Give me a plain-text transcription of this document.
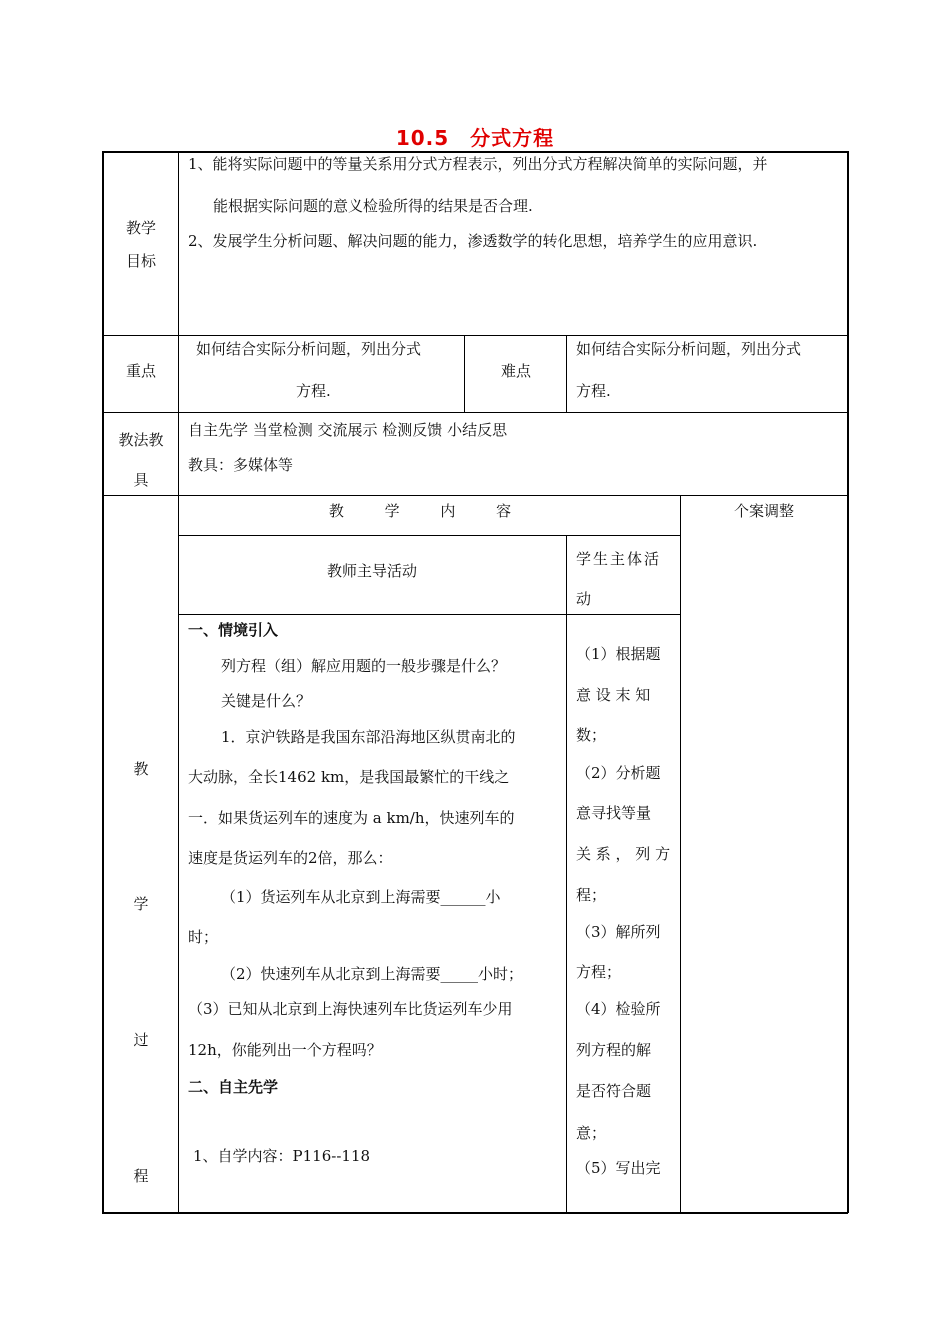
10.5　分式方程
教学
目标
1、能将实际问题中的等量关系用分式方程表示，列出分式方程解决简单的实际问题，并
能根据实际问题的意义检验所得的结果是否合理.
2、发展学生分析问题、解决问题的能力，渗透数学的转化思想，培养学生的应用意识.
重点
如何结合实际分析问题，列出分式
方程.
难点
如何结合实际分析问题，列出分式
方程.
教法教
具
自主先学 当堂检测 交流展示 检测反馈 小结反思
教具：多媒体等
教
学
过
程
教 学 内 容	个案调整
教师主导活动
学生主体活
动
一、情境引入
列方程（组）解应用题的一般步骤是什么？
关键是什么？
1．京沪铁路是我国东部沿海地区纵贯南北的
大动脉，全长1462 km，是我国最繁忙的干线之
一．如果货运列车的速度为 a km/h，快速列车的
速度是货运列车的2倍，那么：
（1）货运列车从北京到上海需要______小
时；
（2）快速列车从北京到上海需要_____小时；
（3）已知从北京到上海快速列车比货运列车少用
12h，你能列出一个方程吗？
二、自主先学
1、自学内容：P116--118
（1）根据题
意 设 末 知
数；
（2）分析题
意寻找等量
关 系 ， 列 方
程；
（3）解所列
方程；
（4）检验所
列方程的解
是否符合题
意；
（5）写出完
